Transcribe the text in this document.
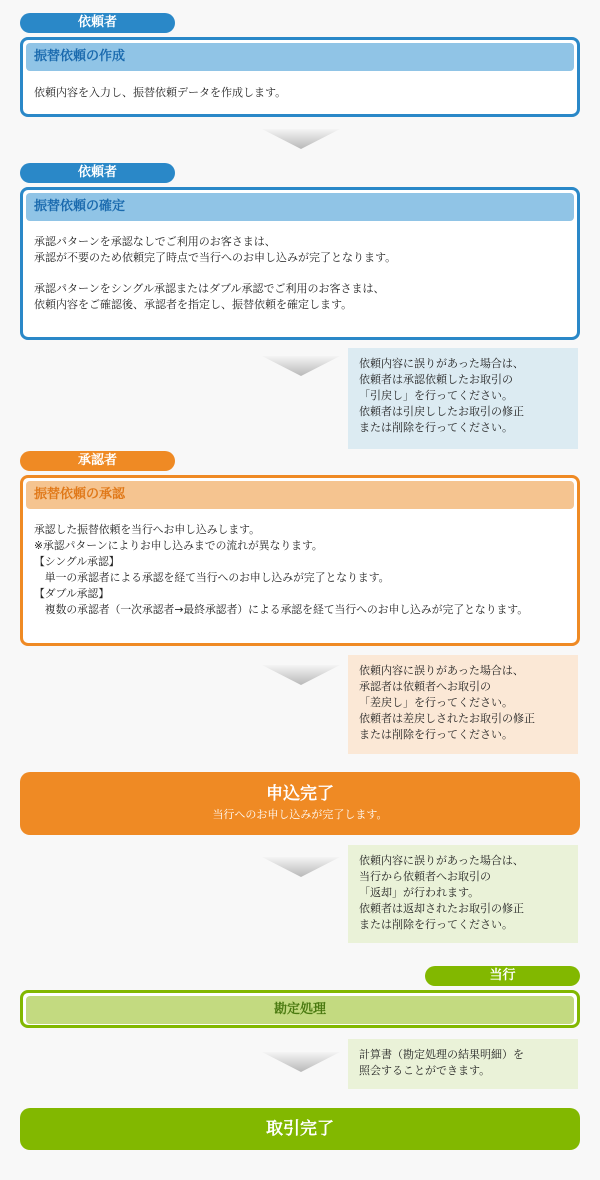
依頼者
振替依頼の作成
依頼内容を入力し、振替依頼データを作成します。
依頼者
振替依頼の確定
承認パターンを承認なしでご利用のお客さまは、
承認が不要のため依頼完了時点で当行へのお申し込みが完了となります。
承認パターンをシングル承認またはダブル承認でご利用のお客さまは、
依頼内容をご確認後、承認者を指定し、振替依頼を確定します。
依頼内容に誤りがあった場合は、
依頼者は承認依頼したお取引の
「引戻し」を行ってください。
依頼者は引戻ししたお取引の修正
または削除を行ってください。
承認者
振替依頼の承認
承認した振替依頼を当行へお申し込みします。
※承認パターンによりお申し込みまでの流れが異なります。
【シングル承認】
　単一の承認者による承認を経て当行へのお申し込みが完了となります。
【ダブル承認】
　複数の承認者（一次承認者→最終承認者）による承認を経て当行へのお申し込みが完了となります。
依頼内容に誤りがあった場合は、
承認者は依頼者へお取引の
「差戻し」を行ってください。
依頼者は差戻しされたお取引の修正
または削除を行ってください。
申込完了
当行へのお申し込みが完了します。
依頼内容に誤りがあった場合は、
当行から依頼者へお取引の
「返却」が行われます。
依頼者は返却されたお取引の修正
または削除を行ってください。
当行
勘定処理
計算書（勘定処理の結果明細）を
照会することができます。
取引完了
